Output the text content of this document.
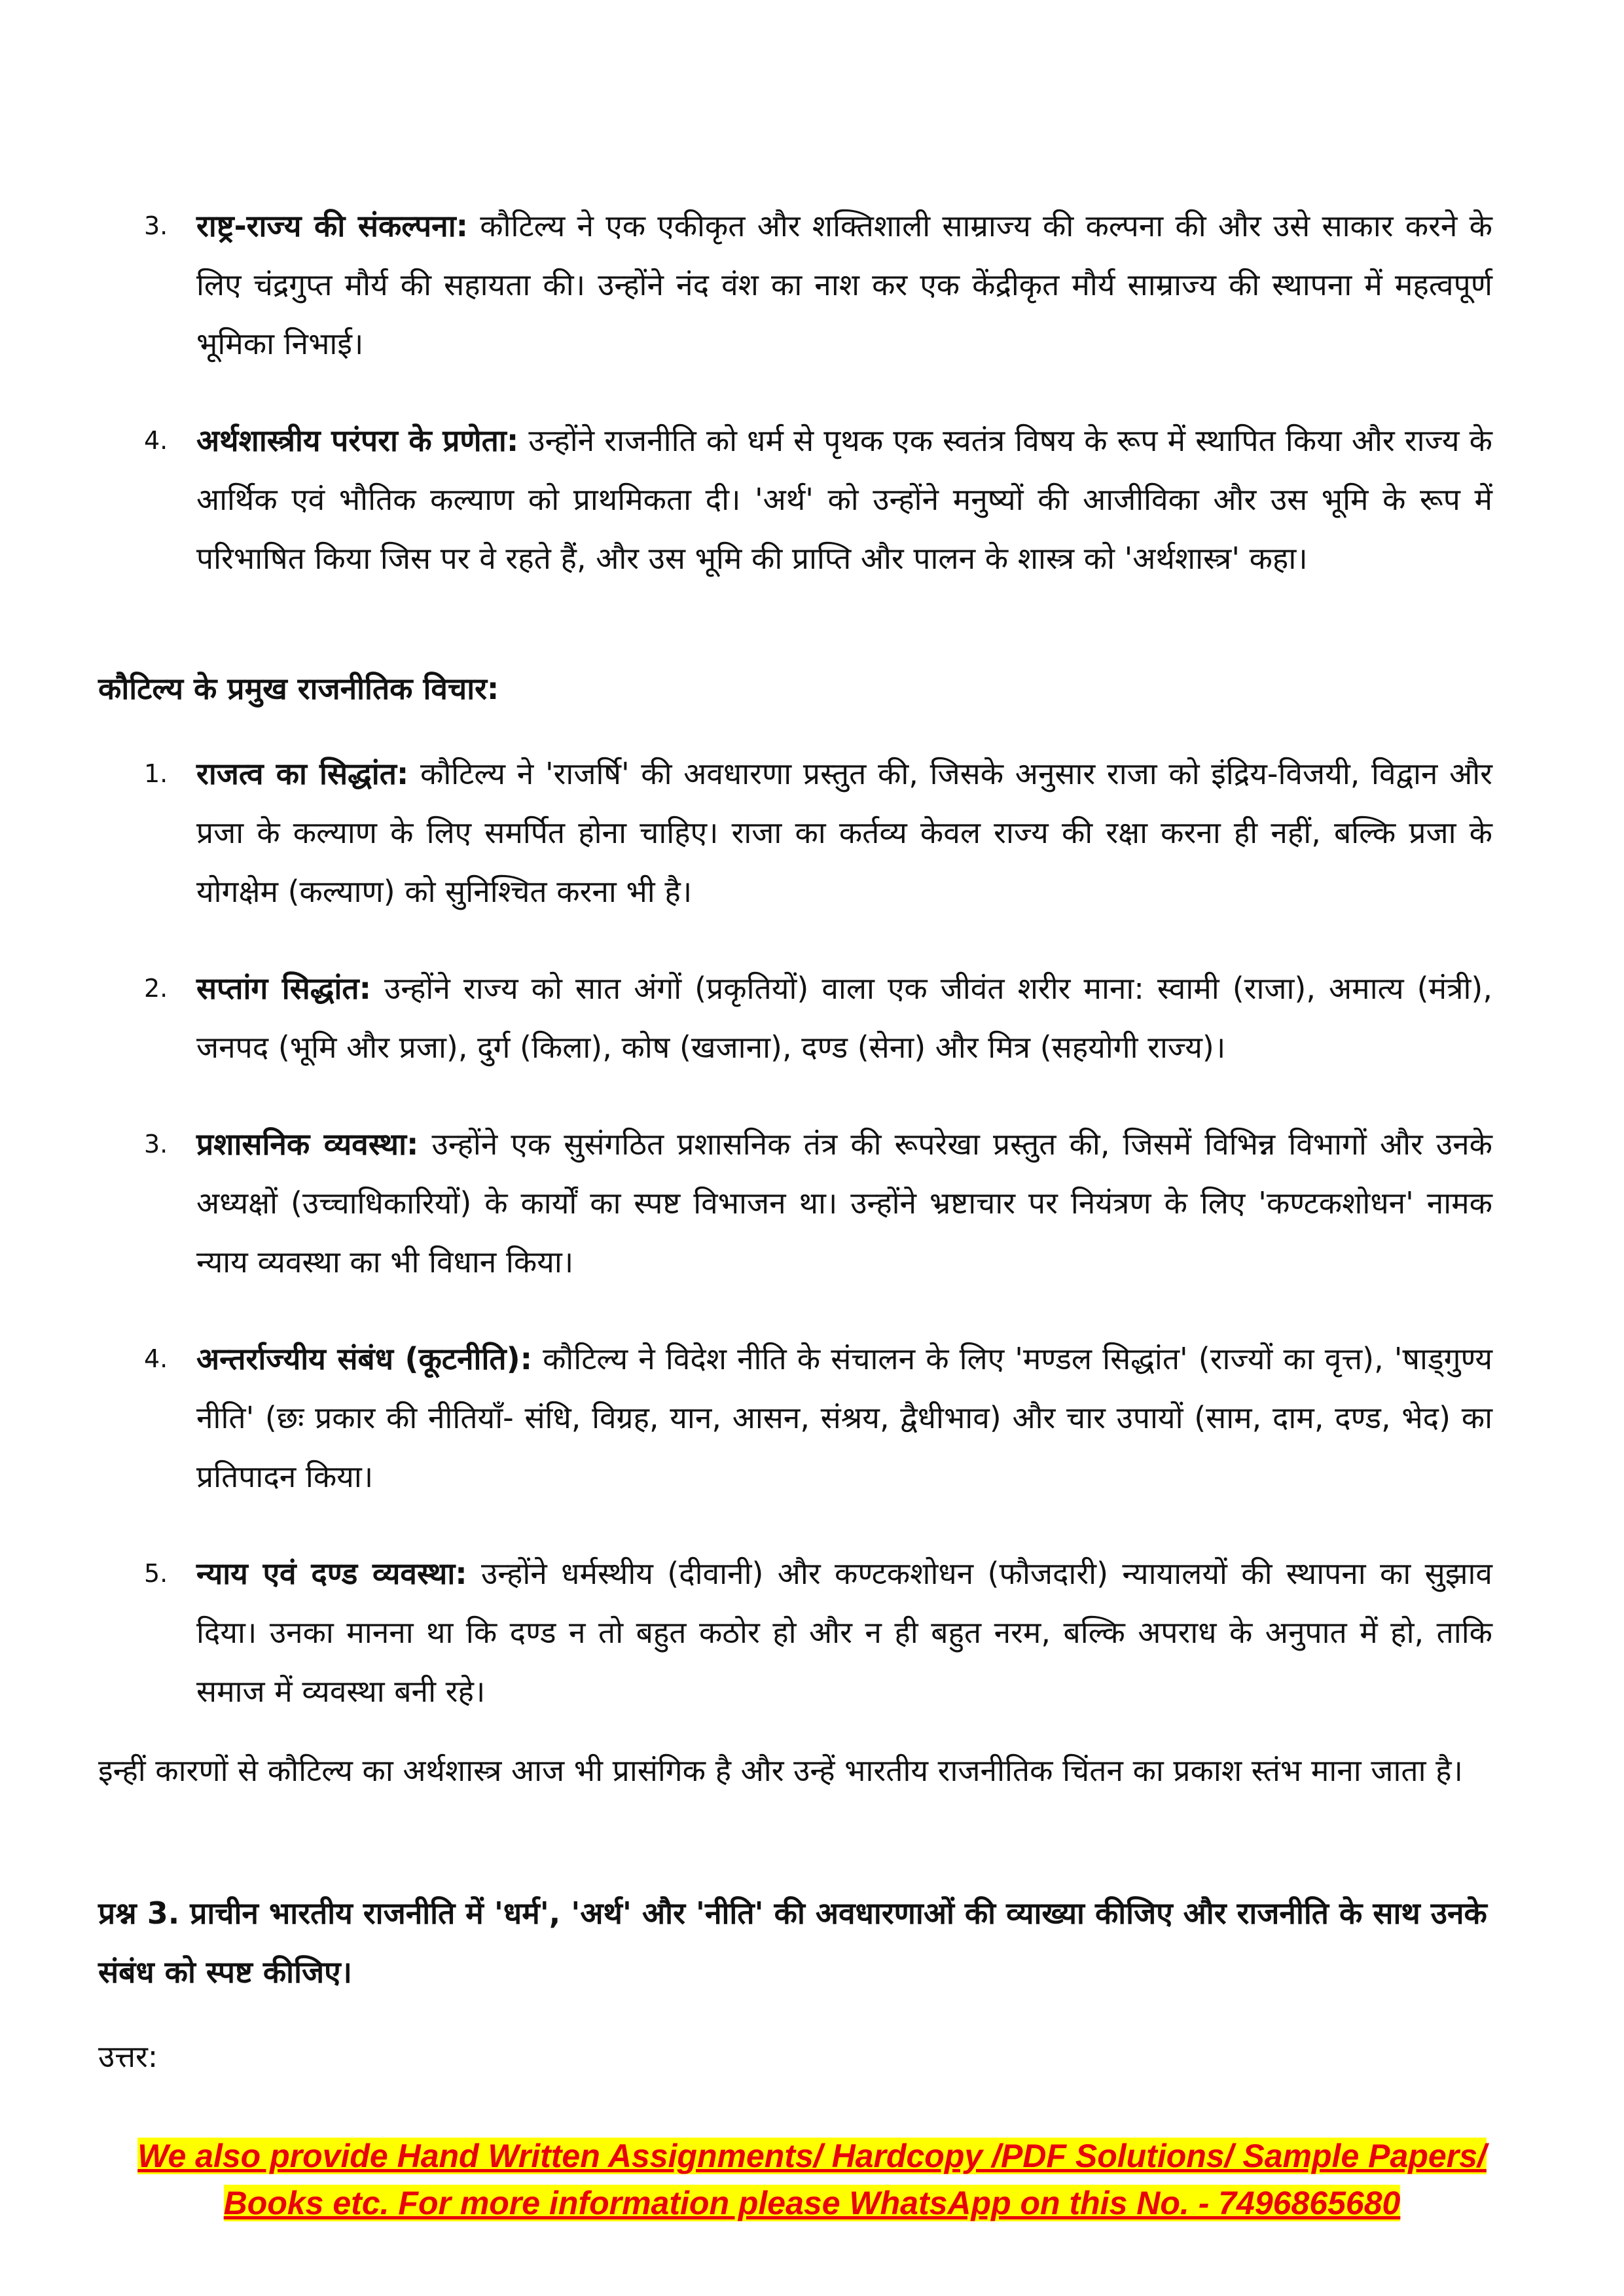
3. राष्ट्र-राज्य की संकल्पना: कौटिल्य ने एक एकीकृत और शक्तिशाली साम्राज्य की कल्पना की और उसे साकार करने के लिए चंद्रगुप्त मौर्य की सहायता की। उन्होंने नंद वंश का नाश कर एक केंद्रीकृत मौर्य साम्राज्य की स्थापना में महत्वपूर्ण भूमिका निभाई।
4. अर्थशास्त्रीय परंपरा के प्रणेता: उन्होंने राजनीति को धर्म से पृथक एक स्वतंत्र विषय के रूप में स्थापित किया और राज्य के आर्थिक एवं भौतिक कल्याण को प्राथमिकता दी। 'अर्थ' को उन्होंने मनुष्यों की आजीविका और उस भूमि के रूप में परिभाषित किया जिस पर वे रहते हैं, और उस भूमि की प्राप्ति और पालन के शास्त्र को 'अर्थशास्त्र' कहा।
कौटिल्य के प्रमुख राजनीतिक विचार:
1. राजत्व का सिद्धांत: कौटिल्य ने 'राजर्षि' की अवधारणा प्रस्तुत की, जिसके अनुसार राजा को इंद्रिय-विजयी, विद्वान और प्रजा के कल्याण के लिए समर्पित होना चाहिए। राजा का कर्तव्य केवल राज्य की रक्षा करना ही नहीं, बल्कि प्रजा के योगक्षेम (कल्याण) को सुनिश्चित करना भी है।
2. सप्तांग सिद्धांत: उन्होंने राज्य को सात अंगों (प्रकृतियों) वाला एक जीवंत शरीर माना: स्वामी (राजा), अमात्य (मंत्री), जनपद (भूमि और प्रजा), दुर्ग (किला), कोष (खजाना), दण्ड (सेना) और मित्र (सहयोगी राज्य)।
3. प्रशासनिक व्यवस्था: उन्होंने एक सुसंगठित प्रशासनिक तंत्र की रूपरेखा प्रस्तुत की, जिसमें विभिन्न विभागों और उनके अध्यक्षों (उच्चाधिकारियों) के कार्यों का स्पष्ट विभाजन था। उन्होंने भ्रष्टाचार पर नियंत्रण के लिए 'कण्टकशोधन' नामक न्याय व्यवस्था का भी विधान किया।
4. अन्तर्राज्यीय संबंध (कूटनीति): कौटिल्य ने विदेश नीति के संचालन के लिए 'मण्डल सिद्धांत' (राज्यों का वृत्त), 'षाड्गुण्य नीति' (छः प्रकार की नीतियाँ- संधि, विग्रह, यान, आसन, संश्रय, द्वैधीभाव) और चार उपायों (साम, दाम, दण्ड, भेद) का प्रतिपादन किया।
5. न्याय एवं दण्ड व्यवस्था: उन्होंने धर्मस्थीय (दीवानी) और कण्टकशोधन (फौजदारी) न्यायालयों की स्थापना का सुझाव दिया। उनका मानना था कि दण्ड न तो बहुत कठोर हो और न ही बहुत नरम, बल्कि अपराध के अनुपात में हो, ताकि समाज में व्यवस्था बनी रहे।
इन्हीं कारणों से कौटिल्य का अर्थशास्त्र आज भी प्रासंगिक है और उन्हें भारतीय राजनीतिक चिंतन का प्रकाश स्तंभ माना जाता है।
प्रश्न 3. प्राचीन भारतीय राजनीति में 'धर्म', 'अर्थ' और 'नीति' की अवधारणाओं की व्याख्या कीजिए और राजनीति के साथ उनके संबंध को स्पष्ट कीजिए।
उत्तर:
We also provide Hand Written Assignments/ Hardcopy /PDF Solutions/ Sample Papers/
Books etc. For more information please WhatsApp on this No. - 7496865680
